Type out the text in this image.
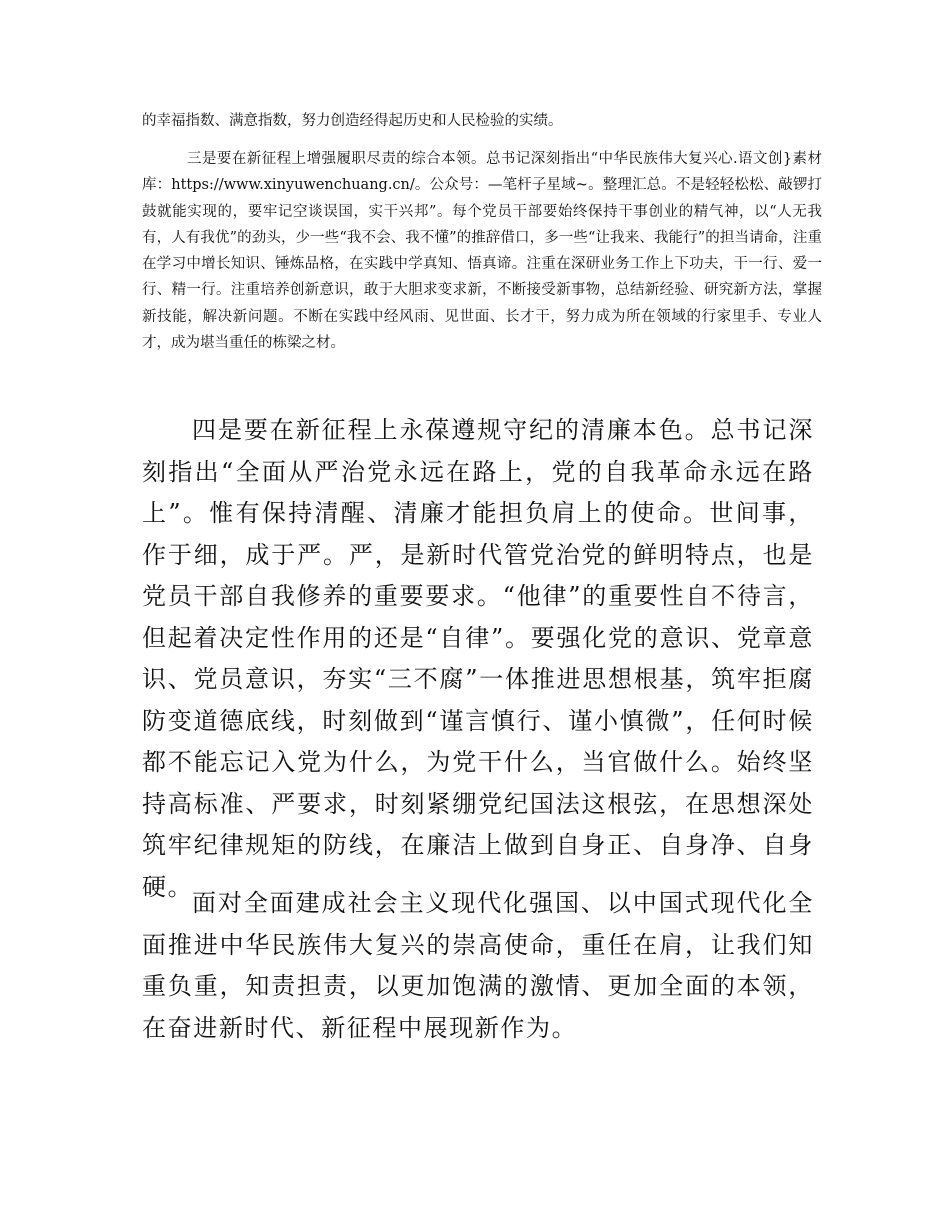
的幸福指数、满意指数，努力创造经得起历史和人民检验的实绩。

三是要在新征程上增强履职尽责的综合本领。总书记深刻指出“中华民族伟大复兴心.语文创}素材库：https://www.xinyuwenchuang.cn/。公众号：—笔杆子星域~。整理汇总。不是轻轻松松、敲锣打鼓就能实现的，要牢记空谈误国，实干兴邦”。每个党员干部要始终保持干事创业的精气神，以“人无我有，人有我优”的劲头，少一些“我不会、我不懂”的推辞借口，多一些“让我来、我能行”的担当请命，注重在学习中增长知识、锤炼品格，在实践中学真知、悟真谛。注重在深研业务工作上下功夫，干一行、爱一行、精一行。注重培养创新意识，敢于大胆求变求新，不断接受新事物，总结新经验、研究新方法，掌握新技能，解决新问题。不断在实践中经风雨、见世面、长才干，努力成为所在领域的行家里手、专业人才，成为堪当重任的栋梁之材。

四是要在新征程上永葆遵规守纪的清廉本色。总书记深刻指出“全面从严治党永远在路上，党的自我革命永远在路上”。惟有保持清醒、清廉才能担负肩上的使命。世间事，作于细，成于严。严，是新时代管党治党的鲜明特点，也是党员干部自我修养的重要要求。“他律”的重要性自不待言，但起着决定性作用的还是“自律”。要强化党的意识、党章意识、党员意识，夯实“三不腐”一体推进思想根基，筑牢拒腐防变道德底线，时刻做到“谨言慎行、谨小慎微”，任何时候都不能忘记入党为什么，为党干什么，当官做什么。始终坚持高标准、严要求，时刻紧绷党纪国法这根弦，在思想深处筑牢纪律规矩的防线，在廉洁上做到自身正、自身净、自身硬。

面对全面建成社会主义现代化强国、以中国式现代化全面推进中华民族伟大复兴的崇高使命，重任在肩，让我们知重负重，知责担责，以更加饱满的激情、更加全面的本领，在奋进新时代、新征程中展现新作为。
